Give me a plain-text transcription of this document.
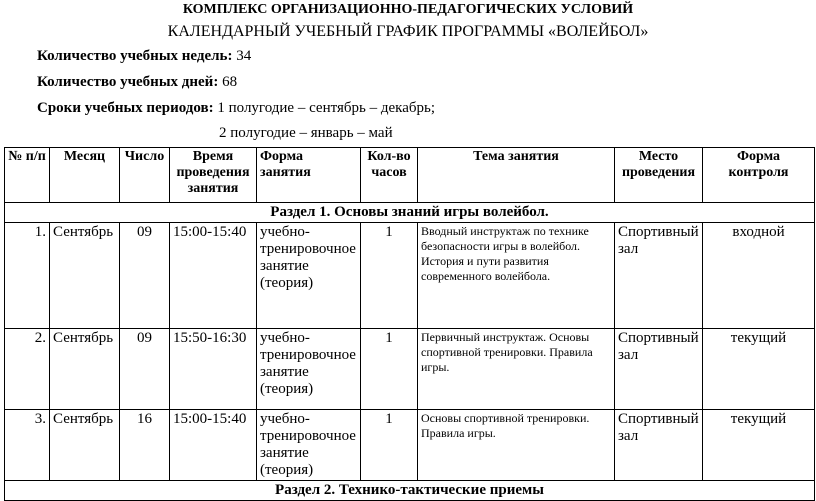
КОМПЛЕКС ОРГАНИЗАЦИОННО-ПЕДАГОГИЧЕСКИХ УСЛОВИЙ
КАЛЕНДАРНЫЙ УЧЕБНЫЙ ГРАФИК ПРОГРАММЫ «ВОЛЕЙБОЛ»
Количество учебных недель: 34
Количество учебных дней: 68
Сроки учебных периодов: 1 полугодие – сентябрь – декабрь;
2 полугодие – январь – май
№ п/п	Месяц	Число	Время проведения занятия	Форма занятия	Кол-во часов	Тема занятия	Место проведения	Форма контроля
Раздел 1. Основы знаний игры волейбол.								
1.	Сентябрь	09	15:00-15:40	учебно-тренировочное занятие (теория)	1	Вводный инструктаж по технике безопасности игры в волейбол. История и пути развития современного волейбола.	Спортивный зал	входной
2.	Сентябрь	09	15:50-16:30	учебно-тренировочное занятие (теория)	1	Первичный инструктаж. Основы спортивной тренировки. Правила игры.	Спортивный зал	текущий
3.	Сентябрь	16	15:00-15:40	учебно-тренировочное занятие (теория)	1	Основы спортивной тренировки. Правила игры.	Спортивный зал	текущий
Раздел 2. Технико-тактические приемы								
